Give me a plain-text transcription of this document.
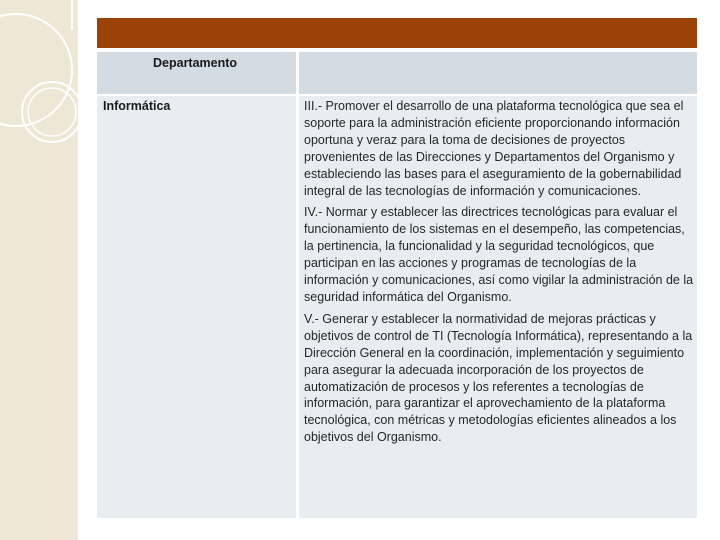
Departamento
Informática	III.- Promover el desarrollo de una plataforma tecnológica que sea el soporte para la administración eficiente proporcionando información oportuna y veraz para la toma de decisiones de proyectos provenientes de las Direcciones y Departamentos del Organismo y estableciendo las bases para el aseguramiento de la gobernabilidad integral de las tecnologías de información y comunicaciones.

IV.- Normar y establecer las directrices tecnológicas para evaluar el funcionamiento de los sistemas en el desempeño, las competencias, la pertinencia, la funcionalidad y la seguridad tecnológicos, que participan en las acciones y programas de tecnologías de la información y comunicaciones, así como vigilar la administración de la seguridad informática del Organismo.

V.- Generar y establecer la normatividad de mejoras prácticas y objetivos de control de TI (Tecnología Informática), representando a la Dirección General en la coordinación, implementación y seguimiento para asegurar la adecuada incorporación de los proyectos de automatización de procesos y los referentes a tecnologías de información, para garantizar el aprovechamiento de la plataforma tecnológica, con métricas y metodologías eficientes alineados a los objetivos del Organismo.
